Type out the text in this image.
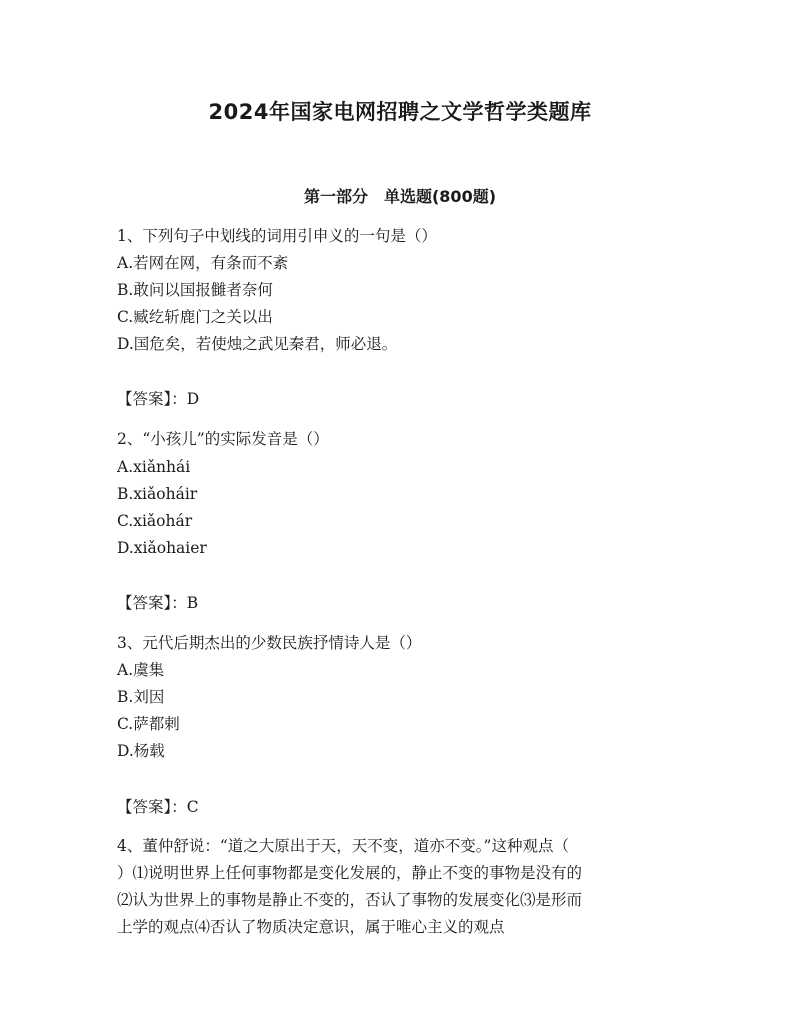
2024年国家电网招聘之文学哲学类题库
第一部分　单选题(800题)
1、下列句子中划线的词用引申义的一句是（）
A.若网在网，有条而不紊
B.敢问以国报雠者奈何
C.臧纥斩鹿门之关以出
D.国危矣，若使烛之武见秦君，师必退。
【答案】：D
2、“小孩儿”的实际发音是（）
A.xiǎnhái
B.xiǎoháir
C.xiǎohár
D.xiǎohaier
【答案】：B
3、元代后期杰出的少数民族抒情诗人是（）
A.虞集
B.刘因
C.萨都剌
D.杨载
【答案】：C
4、董仲舒说：“道之大原出于天，天不变，道亦不变。”这种观点（
）⑴说明世界上任何事物都是变化发展的，静止不变的事物是没有的
⑵认为世界上的事物是静止不变的，否认了事物的发展变化⑶是形而
上学的观点⑷否认了物质决定意识，属于唯心主义的观点
